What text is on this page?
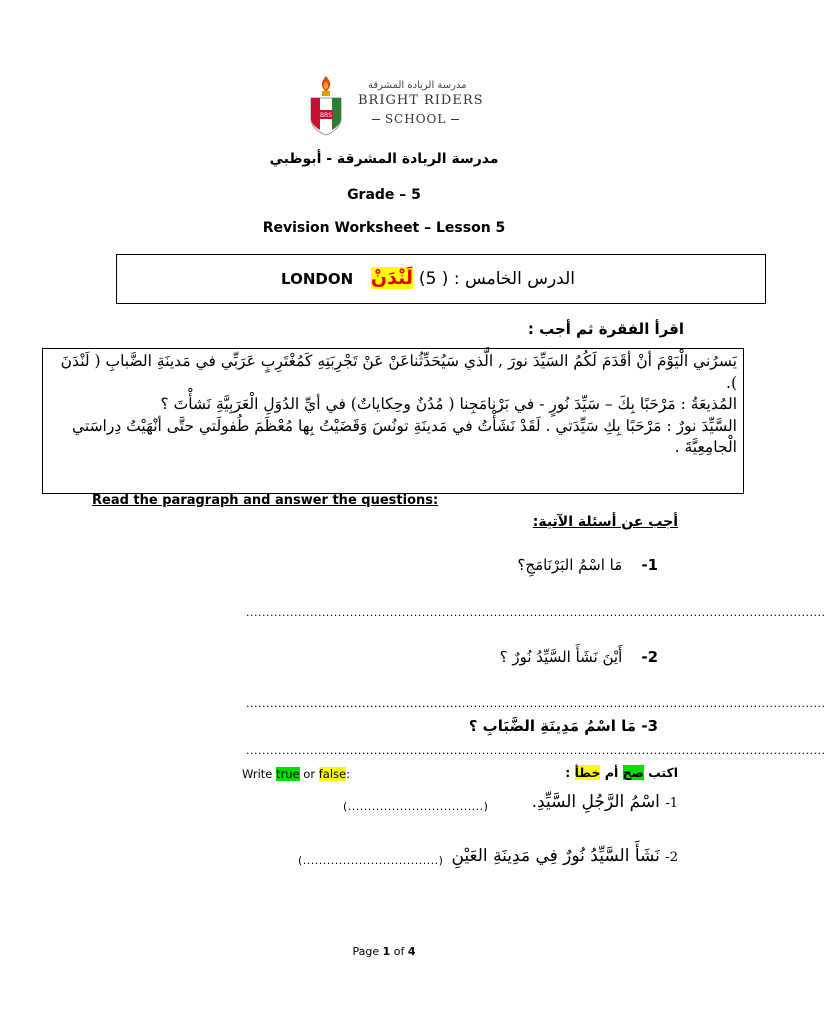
BRS
مدرسة الريادة المشرقة
BRIGHT RIDERS
SCHOOL
مدرسة الريادة المشرقة - أبوظبي
Grade – 5
Revision Worksheet – Lesson 5
الدرس الخامس : ( 5) لَنْدَنْ   LONDON
اقرأ الفقرة ثم أجب :
يَسرُني الْيَوْمَ أنْ أقَدَمَ لَكُمُ السَيِّدَ نورَ , الَّذي سَيُحَدِّثُناعَنْ عَنْ تَجْرِبَتِهِ كَمُغْتَرِبٍ عَرَبِّي في مَدينَةِ الضَّبابِ ( لَنْدَنَ ).
المُذيعَةُ : مَرْحَبًا بِكَ – سَيِّدَ نُورٍ - في بَرْنامَجِنا ( مُدُنٌ وحِكاياتٌ) في أيِّ الدُوَلِ الْعَرَبِيَّةِ نَشأْتَ ؟
السَّيِّدَ نورٌ : مَرْحَبًا بِكِ سَيِّدَتي . لَقَدْ نَشَأْتُ في مَدينَةِ تونُسَ وَقَضَيْتُ بِها مُعْظَمَ طُفولَتي حتَّى أنْهَيْتُ دِراسَتي الْجامِعِيَّةَ .
Read the paragraph and answer the questions:
أجب عن أسئلة الآتية:
1-    مَا اسْمُ البَرْنَامَجِ؟
.................................................................................................................................................
2-    أَيْنَ نَشَأَ السَّيِّدُ نُورٌ ؟
.................................................................................................................................................
3- مَا اسْمُ مَدِينَةِ الضَّبَابِ ؟
.................................................................................................................................................
Write true or false:	اكتب صح أم خطأ :
1- اسْمُ الرَّجُلِ السَّيِّدِ.
(..................................)
2- نَشَأَ السَّيِّدُ نُورٌ فِي مَدِينَةِ العَيْنِ
(..................................)
Page 1 of 4
